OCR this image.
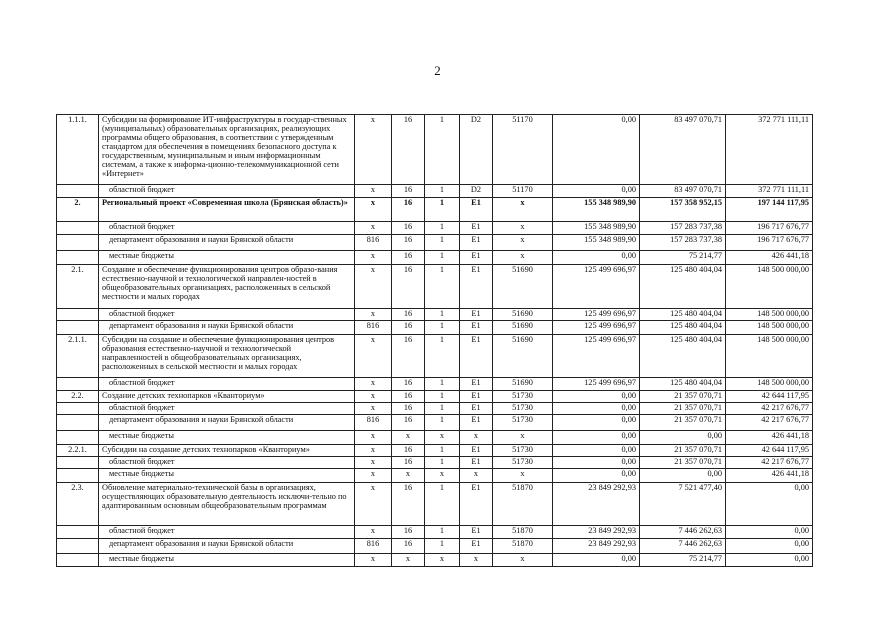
2
1.1.1.	Субсидии на формирование ИТ-инфраструктуры в государ-ственных (муниципальных) образовательных организациях, реализующих программы общего образования, в соответствии с утвержденным стандартом для обеспечения в помещениях безопасного доступа к государственным, муниципальным и иным информационным системам, а также к информа-ционно-телекоммуникационной сети «Интернет»	x	16	1	D2	51170	0,00	83 497 070,71	372 771 111,11
	областной бюджет	x	16	1	D2	51170	0,00	83 497 070,71	372 771 111,11
2.	Региональный проект «Современная школа (Брянская область)»	x	16	1	E1	x	155 348 989,90	157 358 952,15	197 144 117,95
	областной бюджет	x	16	1	E1	x	155 348 989,90	157 283 737,38	196 717 676,77
	департамент образования и науки Брянской области	816	16	1	E1	x	155 348 989,90	157 283 737,38	196 717 676,77
	местные бюджеты	x	16	1	E1	x	0,00	75 214,77	426 441,18
2.1.	Создание и обеспечение функционирования центров образо-вания естественно-научной и технологической направлен-ностей в общеобразовательных организациях, расположенных в сельской местности и малых городах	x	16	1	E1	51690	125 499 696,97	125 480 404,04	148 500 000,00
	областной бюджет	x	16	1	E1	51690	125 499 696,97	125 480 404,04	148 500 000,00
	департамент образования и науки Брянской области	816	16	1	E1	51690	125 499 696,97	125 480 404,04	148 500 000,00
2.1.1.	Субсидии на создание и обеспечение функционирования центров образования естественно-научной и технологической направленностей в общеобразовательных организациях, расположенных в сельской местности и малых городах	x	16	1	E1	51690	125 499 696,97	125 480 404,04	148 500 000,00
	областной бюджет	x	16	1	E1	51690	125 499 696,97	125 480 404,04	148 500 000,00
2.2.	Создание детских технопарков «Кванториум»	x	16	1	E1	51730	0,00	21 357 070,71	42 644 117,95
	областной бюджет	x	16	1	E1	51730	0,00	21 357 070,71	42 217 676,77
	департамент образования и науки Брянской области	816	16	1	E1	51730	0,00	21 357 070,71	42 217 676,77
	местные бюджеты	x	x	x	x	x	0,00	0,00	426 441,18
2.2.1.	Субсидии на создание детских технопарков «Кванториум»	x	16	1	E1	51730	0,00	21 357 070,71	42 644 117,95
	областной бюджет	x	16	1	E1	51730	0,00	21 357 070,71	42 217 676,77
	местные бюджеты	x	x	x	x	x	0,00	0,00	426 441,18
2.3.	Обновление материально-технической базы в организациях, осуществляющих образовательную деятельность исключи-тельно по адаптированным основным общеобразовательным программам	x	16	1	E1	51870	23 849 292,93	7 521 477,40	0,00
	областной бюджет	x	16	1	E1	51870	23 849 292,93	7 446 262,63	0,00
	департамент образования и науки Брянской области	816	16	1	E1	51870	23 849 292,93	7 446 262,63	0,00
	местные бюджеты	x	x	x	x	x	0,00	75 214,77	0,00
